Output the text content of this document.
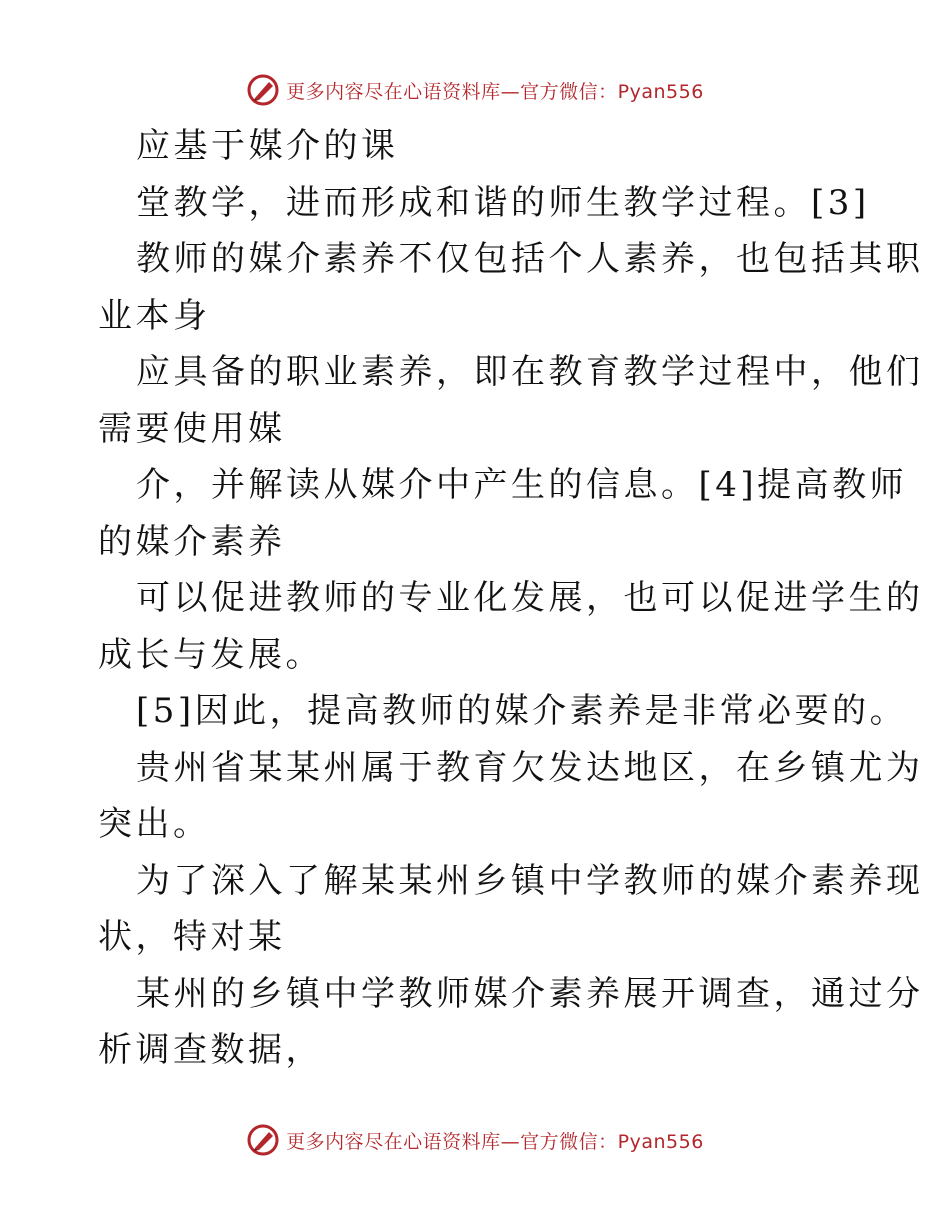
更多内容尽在心语资料库—官方微信：Pyan556

应基于媒介的课

堂教学，进而形成和谐的师生教学过程。[3]

教师的媒介素养不仅包括个人素养，也包括其职

业本身

应具备的职业素养，即在教育教学过程中，他们

需要使用媒

介，并解读从媒介中产生的信息。[4]提高教师

的媒介素养

可以促进教师的专业化发展，也可以促进学生的

成长与发展。

[5]因此，提高教师的媒介素养是非常必要的。

贵州省某某州属于教育欠发达地区，在乡镇尤为

突出。

为了深入了解某某州乡镇中学教师的媒介素养现

状，特对某

某州的乡镇中学教师媒介素养展开调查，通过分

析调查数据，

更多内容尽在心语资料库—官方微信：Pyan556
